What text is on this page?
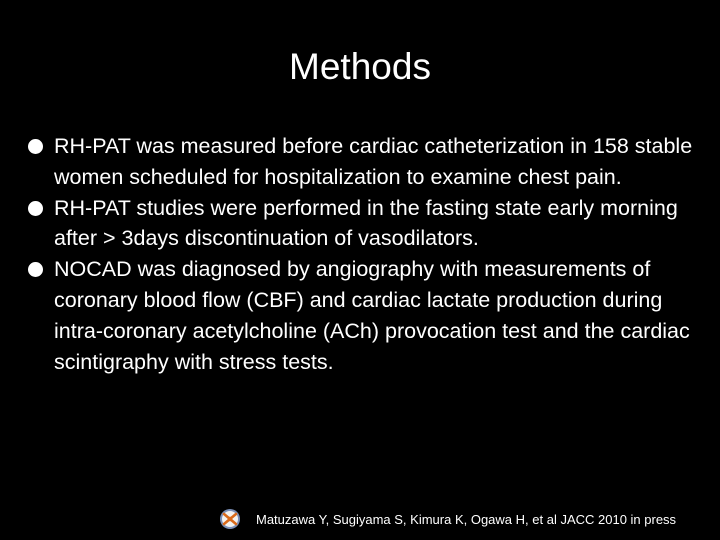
Methods
RH-PAT was measured before cardiac catheterization in 158 stable women scheduled for hospitalization to examine chest pain.
RH-PAT studies were performed in the fasting state early morning after > 3days discontinuation of vasodilators.
NOCAD was diagnosed by angiography with measurements of coronary blood flow (CBF) and cardiac lactate production during intra-coronary acetylcholine (ACh) provocation test and the cardiac scintigraphy with stress tests.
Matuzawa Y, Sugiyama S, Kimura K, Ogawa H, et al JACC 2010 in press
